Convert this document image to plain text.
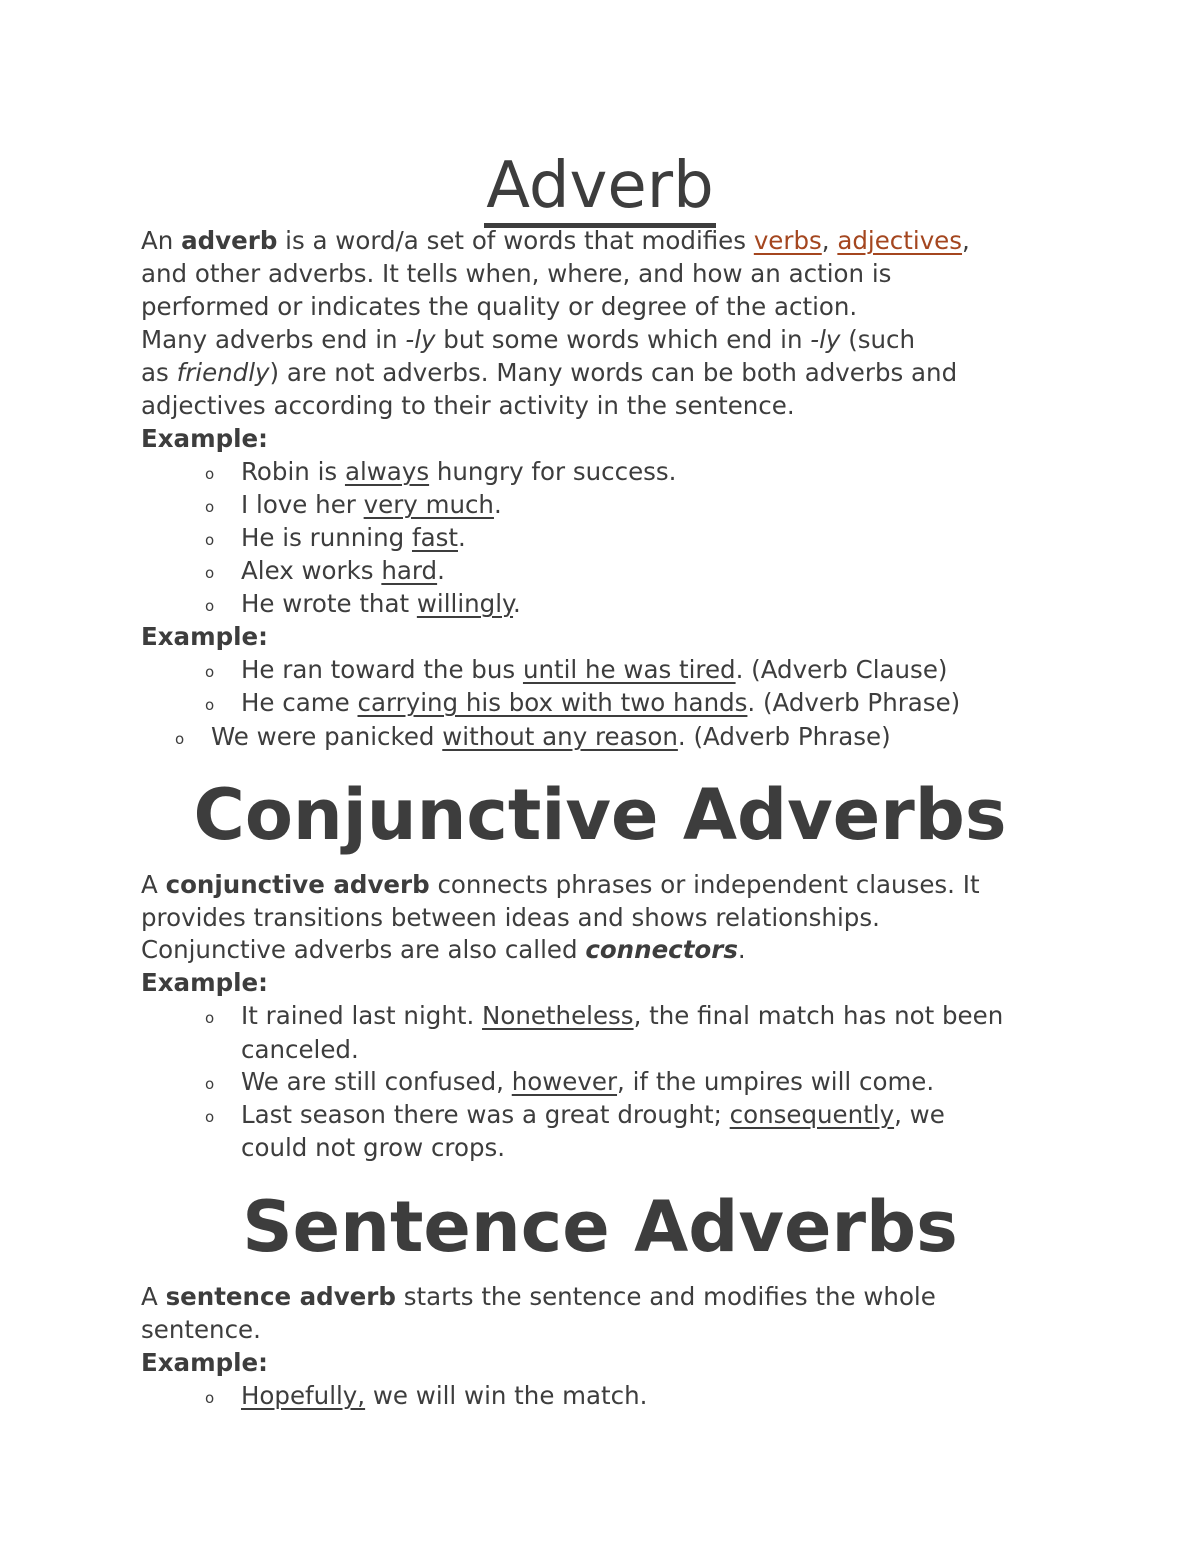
Adverb

An adverb is a word/a set of words that modifies verbs, adjectives,

and other adverbs. It tells when, where, and how an action is

performed or indicates the quality or degree of the action.

Many adverbs end in -ly but some words which end in -ly (such

as friendly) are not adverbs. Many words can be both adverbs and

adjectives according to their activity in the sentence.

Example:

o Robin is always hungry for success.

o I love her very much.

o He is running fast.

o Alex works hard.

o He wrote that willingly.

Example:

o He ran toward the bus until he was tired. (Adverb Clause)

o He came carrying his box with two hands. (Adverb Phrase)

o We were panicked without any reason. (Adverb Phrase)

Conjunctive Adverbs

A conjunctive adverb connects phrases or independent clauses. It

provides transitions between ideas and shows relationships.

Conjunctive adverbs are also called connectors.

Example:

o It rained last night. Nonetheless, the final match has not been

canceled.

o We are still confused, however, if the umpires will come.

o Last season there was a great drought; consequently, we

could not grow crops.

Sentence Adverbs

A sentence adverb starts the sentence and modifies the whole

sentence.

Example:

o Hopefully, we will win the match.
